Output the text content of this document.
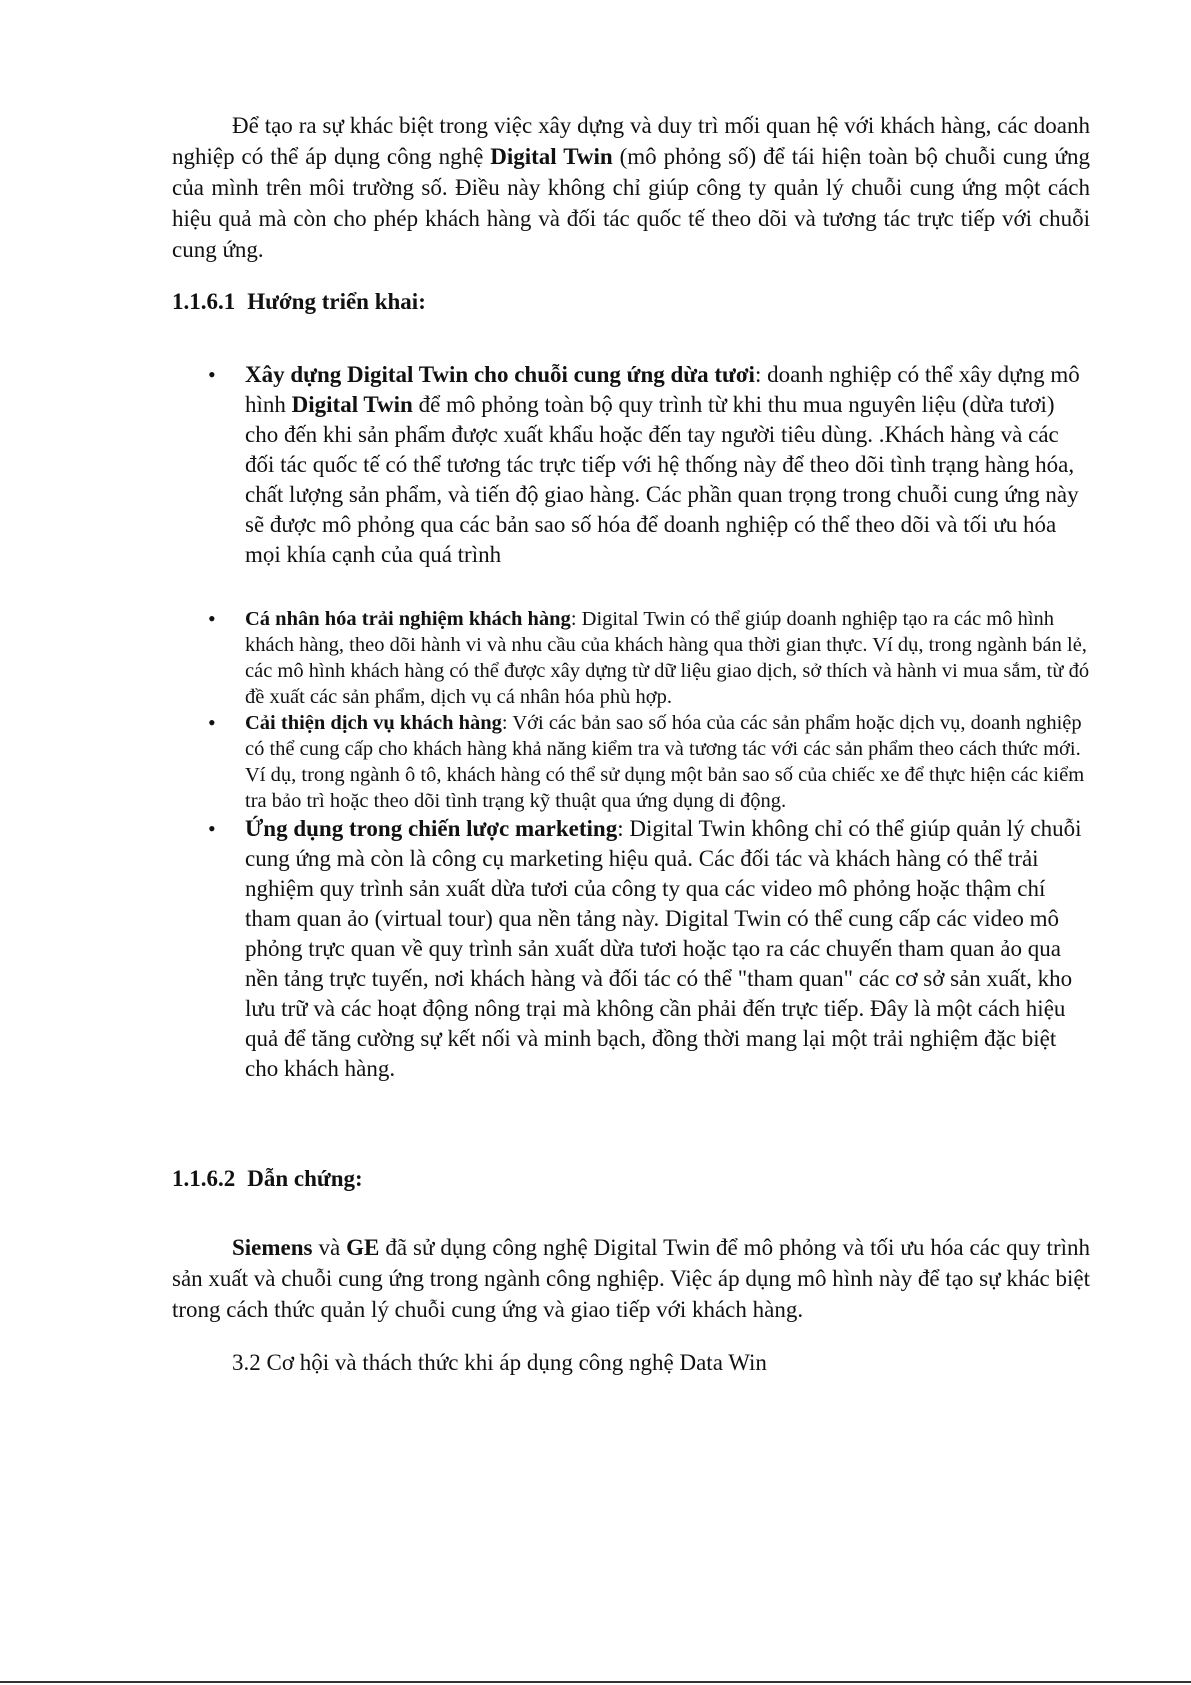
Để tạo ra sự khác biệt trong việc xây dựng và duy trì mối quan hệ với khách hàng, các doanh nghiệp có thể áp dụng công nghệ Digital Twin (mô phỏng số) để tái hiện toàn bộ chuỗi cung ứng của mình trên môi trường số. Điều này không chỉ giúp công ty quản lý chuỗi cung ứng một cách hiệu quả mà còn cho phép khách hàng và đối tác quốc tế theo dõi và tương tác trực tiếp với chuỗi cung ứng.

1.1.6.1 Hướng triển khai:

• Xây dựng Digital Twin cho chuỗi cung ứng dừa tươi: doanh nghiệp có thể xây dựng mô hình Digital Twin để mô phỏng toàn bộ quy trình từ khi thu mua nguyên liệu (dừa tươi) cho đến khi sản phẩm được xuất khẩu hoặc đến tay người tiêu dùng. .Khách hàng và các đối tác quốc tế có thể tương tác trực tiếp với hệ thống này để theo dõi tình trạng hàng hóa, chất lượng sản phẩm, và tiến độ giao hàng. Các phần quan trọng trong chuỗi cung ứng này sẽ được mô phỏng qua các bản sao số hóa để doanh nghiệp có thể theo dõi và tối ưu hóa mọi khía cạnh của quá trình
• Cá nhân hóa trải nghiệm khách hàng: Digital Twin có thể giúp doanh nghiệp tạo ra các mô hình khách hàng, theo dõi hành vi và nhu cầu của khách hàng qua thời gian thực. Ví dụ, trong ngành bán lẻ, các mô hình khách hàng có thể được xây dựng từ dữ liệu giao dịch, sở thích và hành vi mua sắm, từ đó đề xuất các sản phẩm, dịch vụ cá nhân hóa phù hợp.
• Cải thiện dịch vụ khách hàng: Với các bản sao số hóa của các sản phẩm hoặc dịch vụ, doanh nghiệp có thể cung cấp cho khách hàng khả năng kiểm tra và tương tác với các sản phẩm theo cách thức mới. Ví dụ, trong ngành ô tô, khách hàng có thể sử dụng một bản sao số của chiếc xe để thực hiện các kiểm tra bảo trì hoặc theo dõi tình trạng kỹ thuật qua ứng dụng di động.
• Ứng dụng trong chiến lược marketing: Digital Twin không chỉ có thể giúp quản lý chuỗi cung ứng mà còn là công cụ marketing hiệu quả. Các đối tác và khách hàng có thể trải nghiệm quy trình sản xuất dừa tươi của công ty qua các video mô phỏng hoặc thậm chí tham quan ảo (virtual tour) qua nền tảng này. Digital Twin có thể cung cấp các video mô phỏng trực quan về quy trình sản xuất dừa tươi hoặc tạo ra các chuyến tham quan ảo qua nền tảng trực tuyến, nơi khách hàng và đối tác có thể "tham quan" các cơ sở sản xuất, kho lưu trữ và các hoạt động nông trại mà không cần phải đến trực tiếp. Đây là một cách hiệu quả để tăng cường sự kết nối và minh bạch, đồng thời mang lại một trải nghiệm đặc biệt cho khách hàng.

1.1.6.2 Dẫn chứng:

Siemens và GE đã sử dụng công nghệ Digital Twin để mô phỏng và tối ưu hóa các quy trình sản xuất và chuỗi cung ứng trong ngành công nghiệp. Việc áp dụng mô hình này để tạo sự khác biệt trong cách thức quản lý chuỗi cung ứng và giao tiếp với khách hàng.

3.2 Cơ hội và thách thức khi áp dụng công nghệ Data Win
